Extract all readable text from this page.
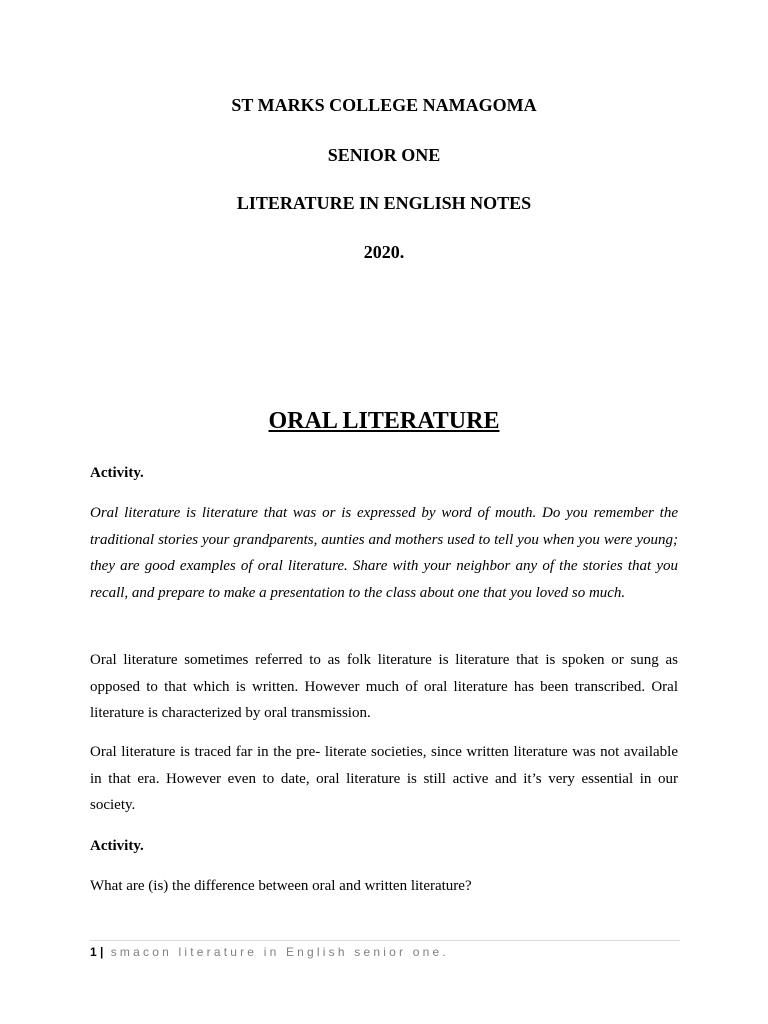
ST MARKS COLLEGE NAMAGOMA
SENIOR ONE
LITERATURE IN ENGLISH NOTES
2020.
ORAL LITERATURE
Activity.

Oral literature is literature that was or is expressed by word of mouth. Do you remember the traditional stories your grandparents, aunties and mothers used to tell you when you were young; they are good examples of oral literature. Share with your neighbor any of the stories that you recall, and prepare to make a presentation to the class about one that you loved so much.

Oral literature sometimes referred to as folk literature is literature that is spoken or sung as opposed to that which is written. However much of oral literature has been transcribed. Oral literature is characterized by oral transmission.

Oral literature is traced far in the pre- literate societies, since written literature was not available in that era. However even to date, oral literature is still active and it’s very essential in our society.

Activity.

What are (is) the difference between oral and written literature?

1 | smacon literature in English senior one.
